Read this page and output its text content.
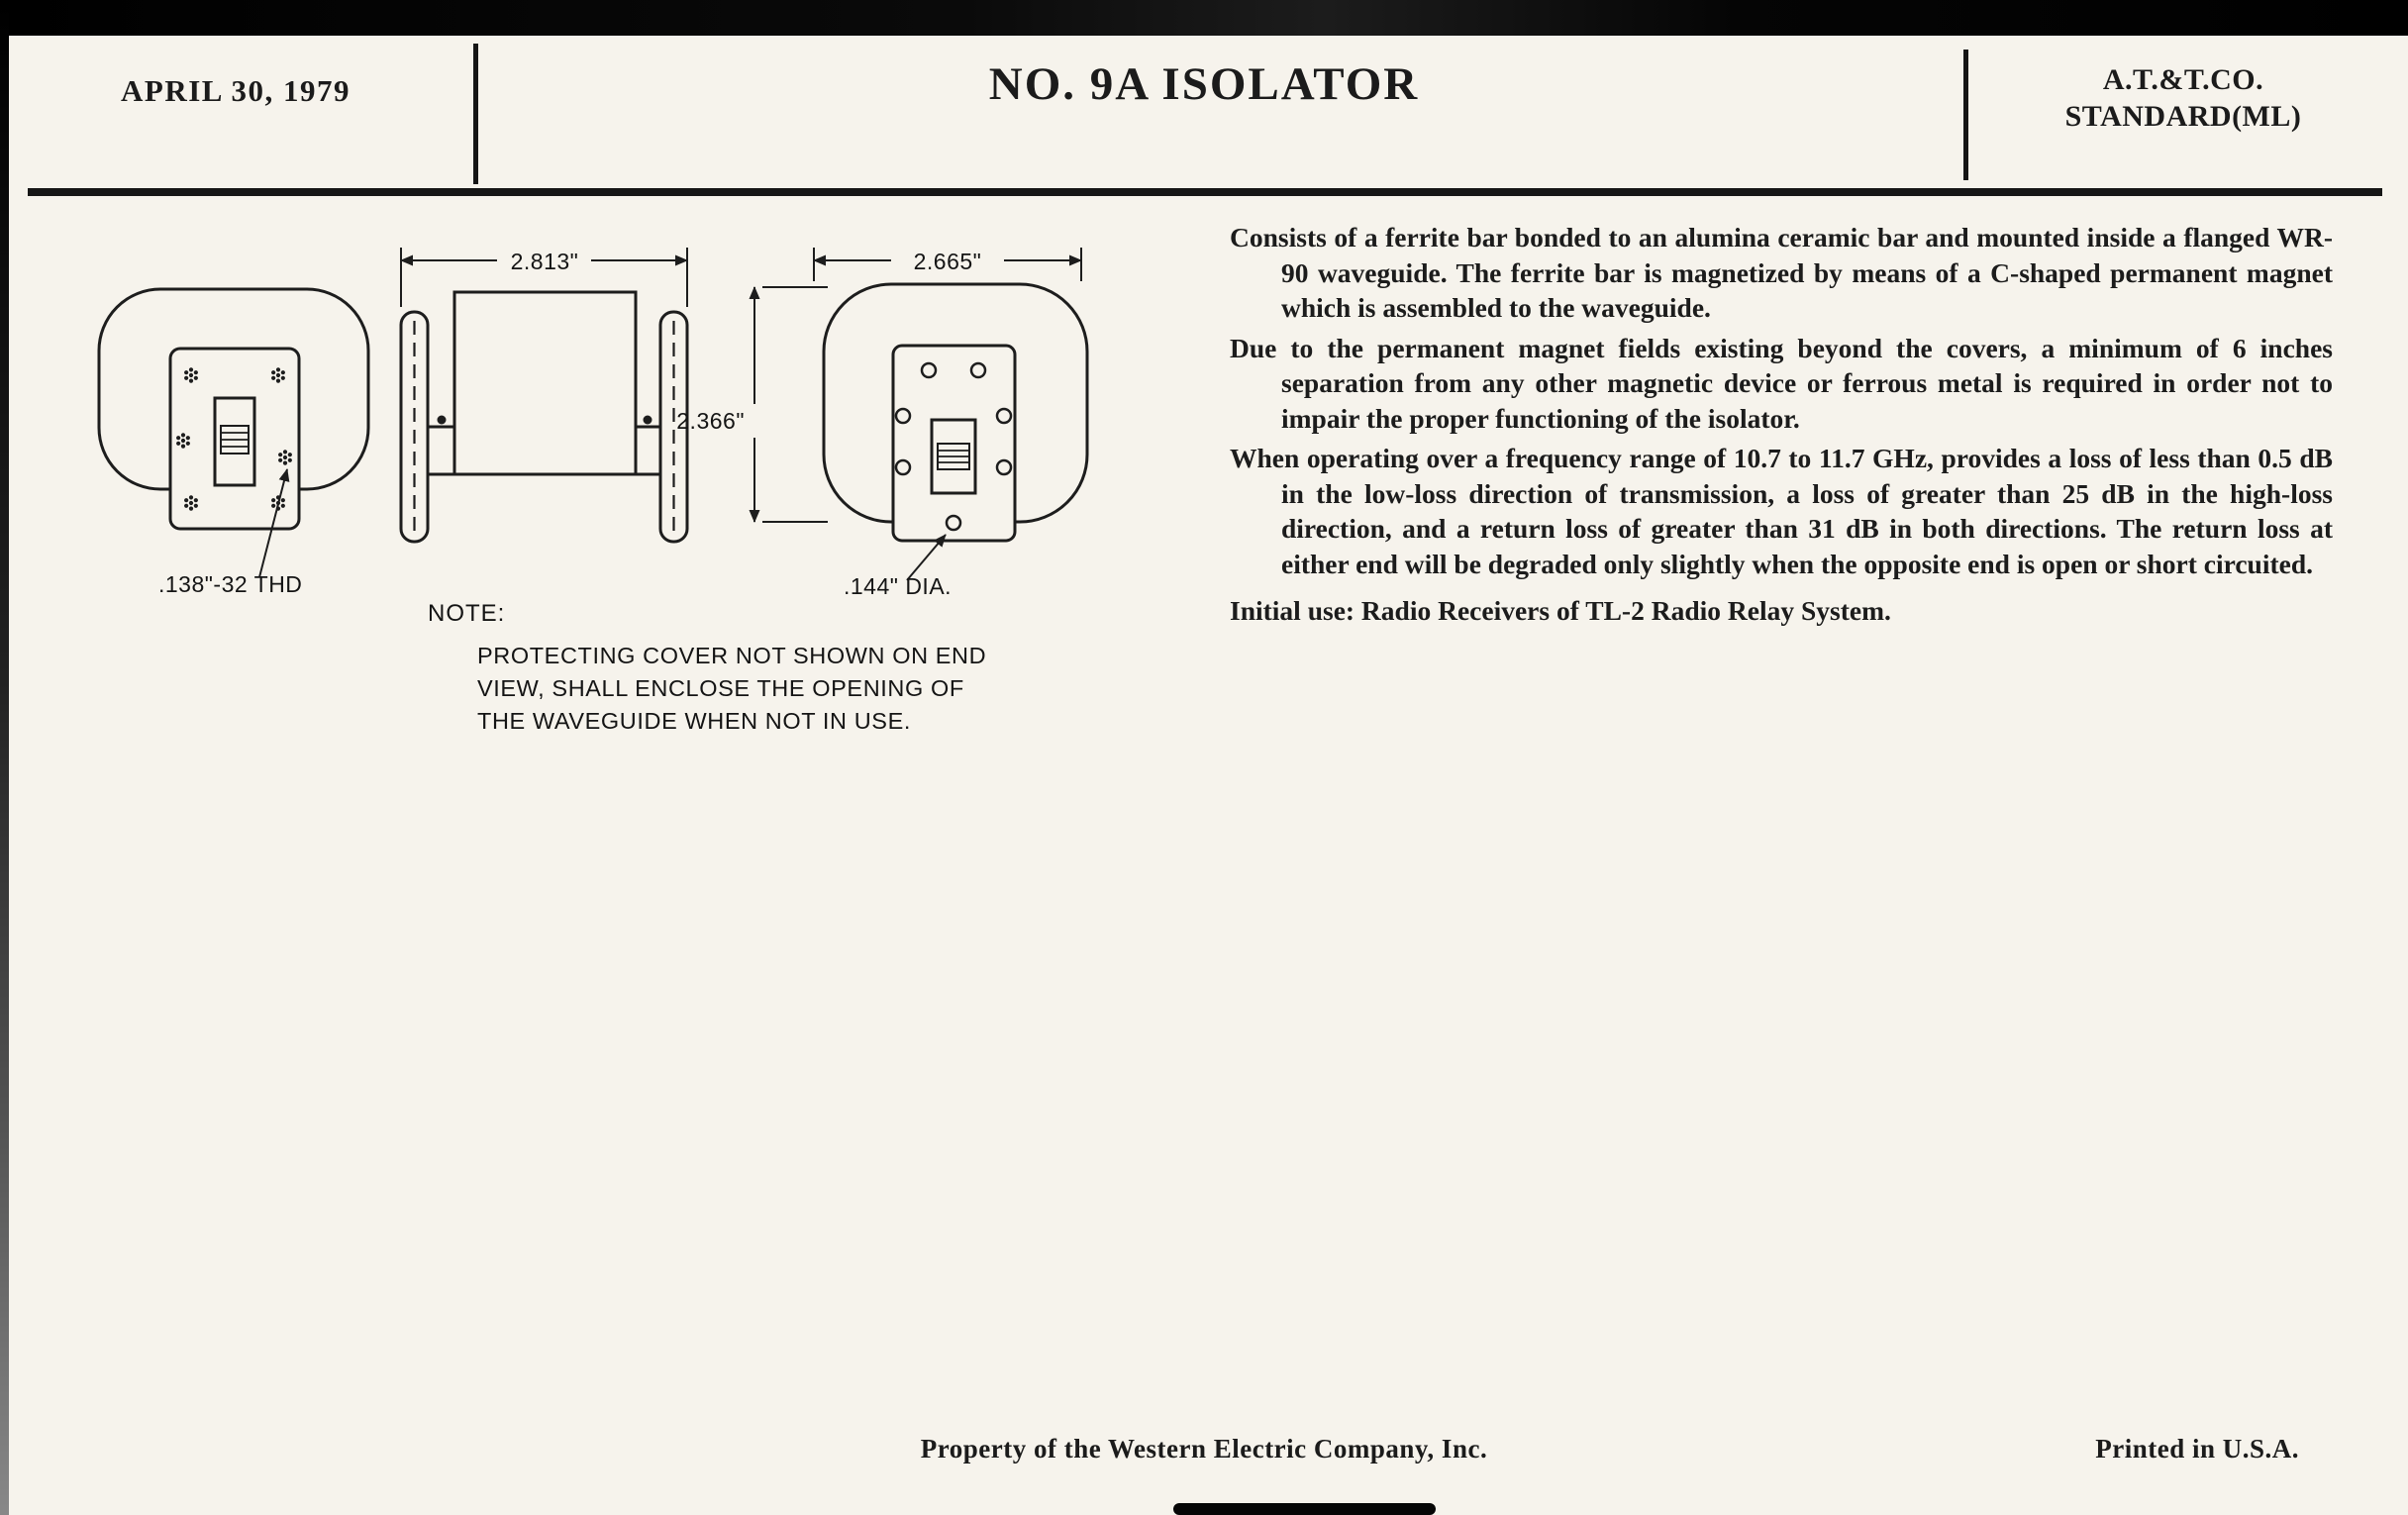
APRIL 30, 1979	NO. 9A ISOLATOR	A.T.&T.CO.
STANDARD(ML)
.138"-32 THD
2.813"	2.665"
2.366"
.144" DIA.
NOTE:
PROTECTING COVER NOT SHOWN ON END
VIEW, SHALL ENCLOSE THE OPENING OF
THE WAVEGUIDE WHEN NOT IN USE.

Consists of a ferrite bar bonded to an alumina ceramic bar and mounted inside a flanged WR-90 waveguide. The ferrite bar is magnetized by means of a C-shaped permanent magnet which is assembled to the waveguide.

Due to the permanent magnet fields existing beyond the covers, a minimum of 6 inches separation from any other magnetic device or ferrous metal is required in order not to impair the proper functioning of the isolator.

When operating over a frequency range of 10.7 to 11.7 GHz, provides a loss of less than 0.5 dB in the low-loss direction of transmission, a loss of greater than 25 dB in the high-loss direction, and a return loss of greater than 31 dB in both directions. The return loss at either end will be degraded only slightly when the opposite end is open or short circuited.

Initial use: Radio Receivers of TL-2 Radio Relay System.

Property of the Western Electric Company, Inc.	Printed in U.S.A.
